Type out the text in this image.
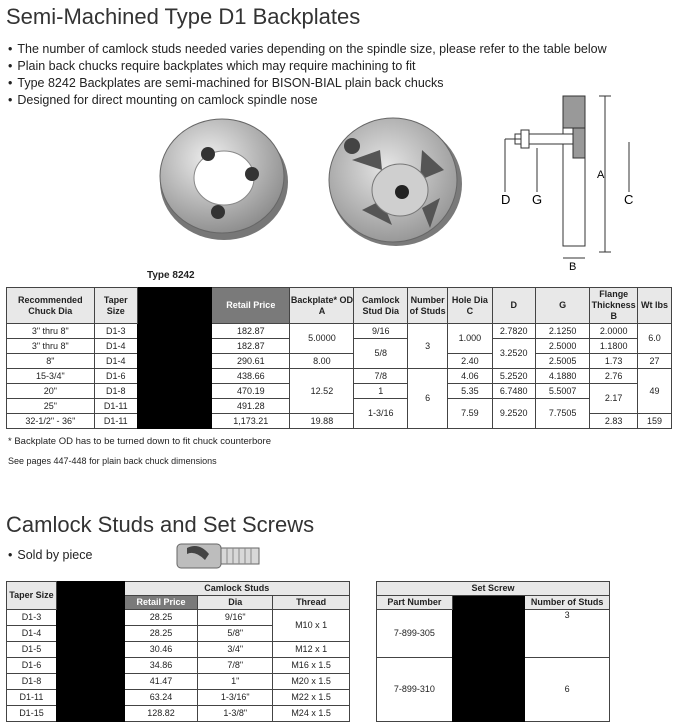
Semi-Machined Type D1 Backplates
• The number of camlock studs needed varies depending on the spindle size, please refer to the table below
• Plain back chucks require backplates which may require machining to fit
• Type 8242 Backplates are semi-machined for BISON-BIAL plain back chucks
• Designed for direct mounting on camlock spindle nose
D G
A
C
B
Type 8242
Recommended Chuck Dia	Taper Size		Retail Price	Backplate* OD A	Camlock Stud Dia	Number of Studs	Hole Dia C	D	G	Flange Thickness B	Wt lbs
3" thru 8"	D1-3		182.87	5.0000	9/16	3	1.000	2.7820	2.1250	2.0000	6.0
3" thru 8"	D1-4		182.87		5/8			3.2520	2.5000	1.1800	
8"	D1-4		290.61	8.00			2.40		2.5005	1.73	27
15-3/4"	D1-6		438.66	12.52	7/8	6	4.06	5.2520	4.1880	2.76	49
20"	D1-8		470.19		1		5.35	6.7480	5.5007	2.17	
25"	D1-11		491.28		1-3/16		7.59	9.2520	7.7505		
32-1/2" - 36"	D1-11		1,173.21	19.88						2.83	159
* Backplate OD has to be turned down to fit chuck counterbore
See pages 447-448 for plain back chuck dimensions
Camlock Studs and Set Screws
• Sold by piece
Taper Size		Camlock Studs		
		Retail Price	Dia	Thread
D1-3		28.25	9/16"	M10 x 1
D1-4		28.25	5/8"	
D1-5		30.46	3/4"	M12 x 1
D1-6		34.86	7/8"	M16 x 1.5
D1-8		41.47	1"	M20 x 1.5
D1-11		63.24	1-3/16"	M22 x 1.5
D1-15		128.82	1-3/8"	M24 x 1.5
Set Screw		
Part Number		Number of Studs
7-899-305		3
7-899-310		6
